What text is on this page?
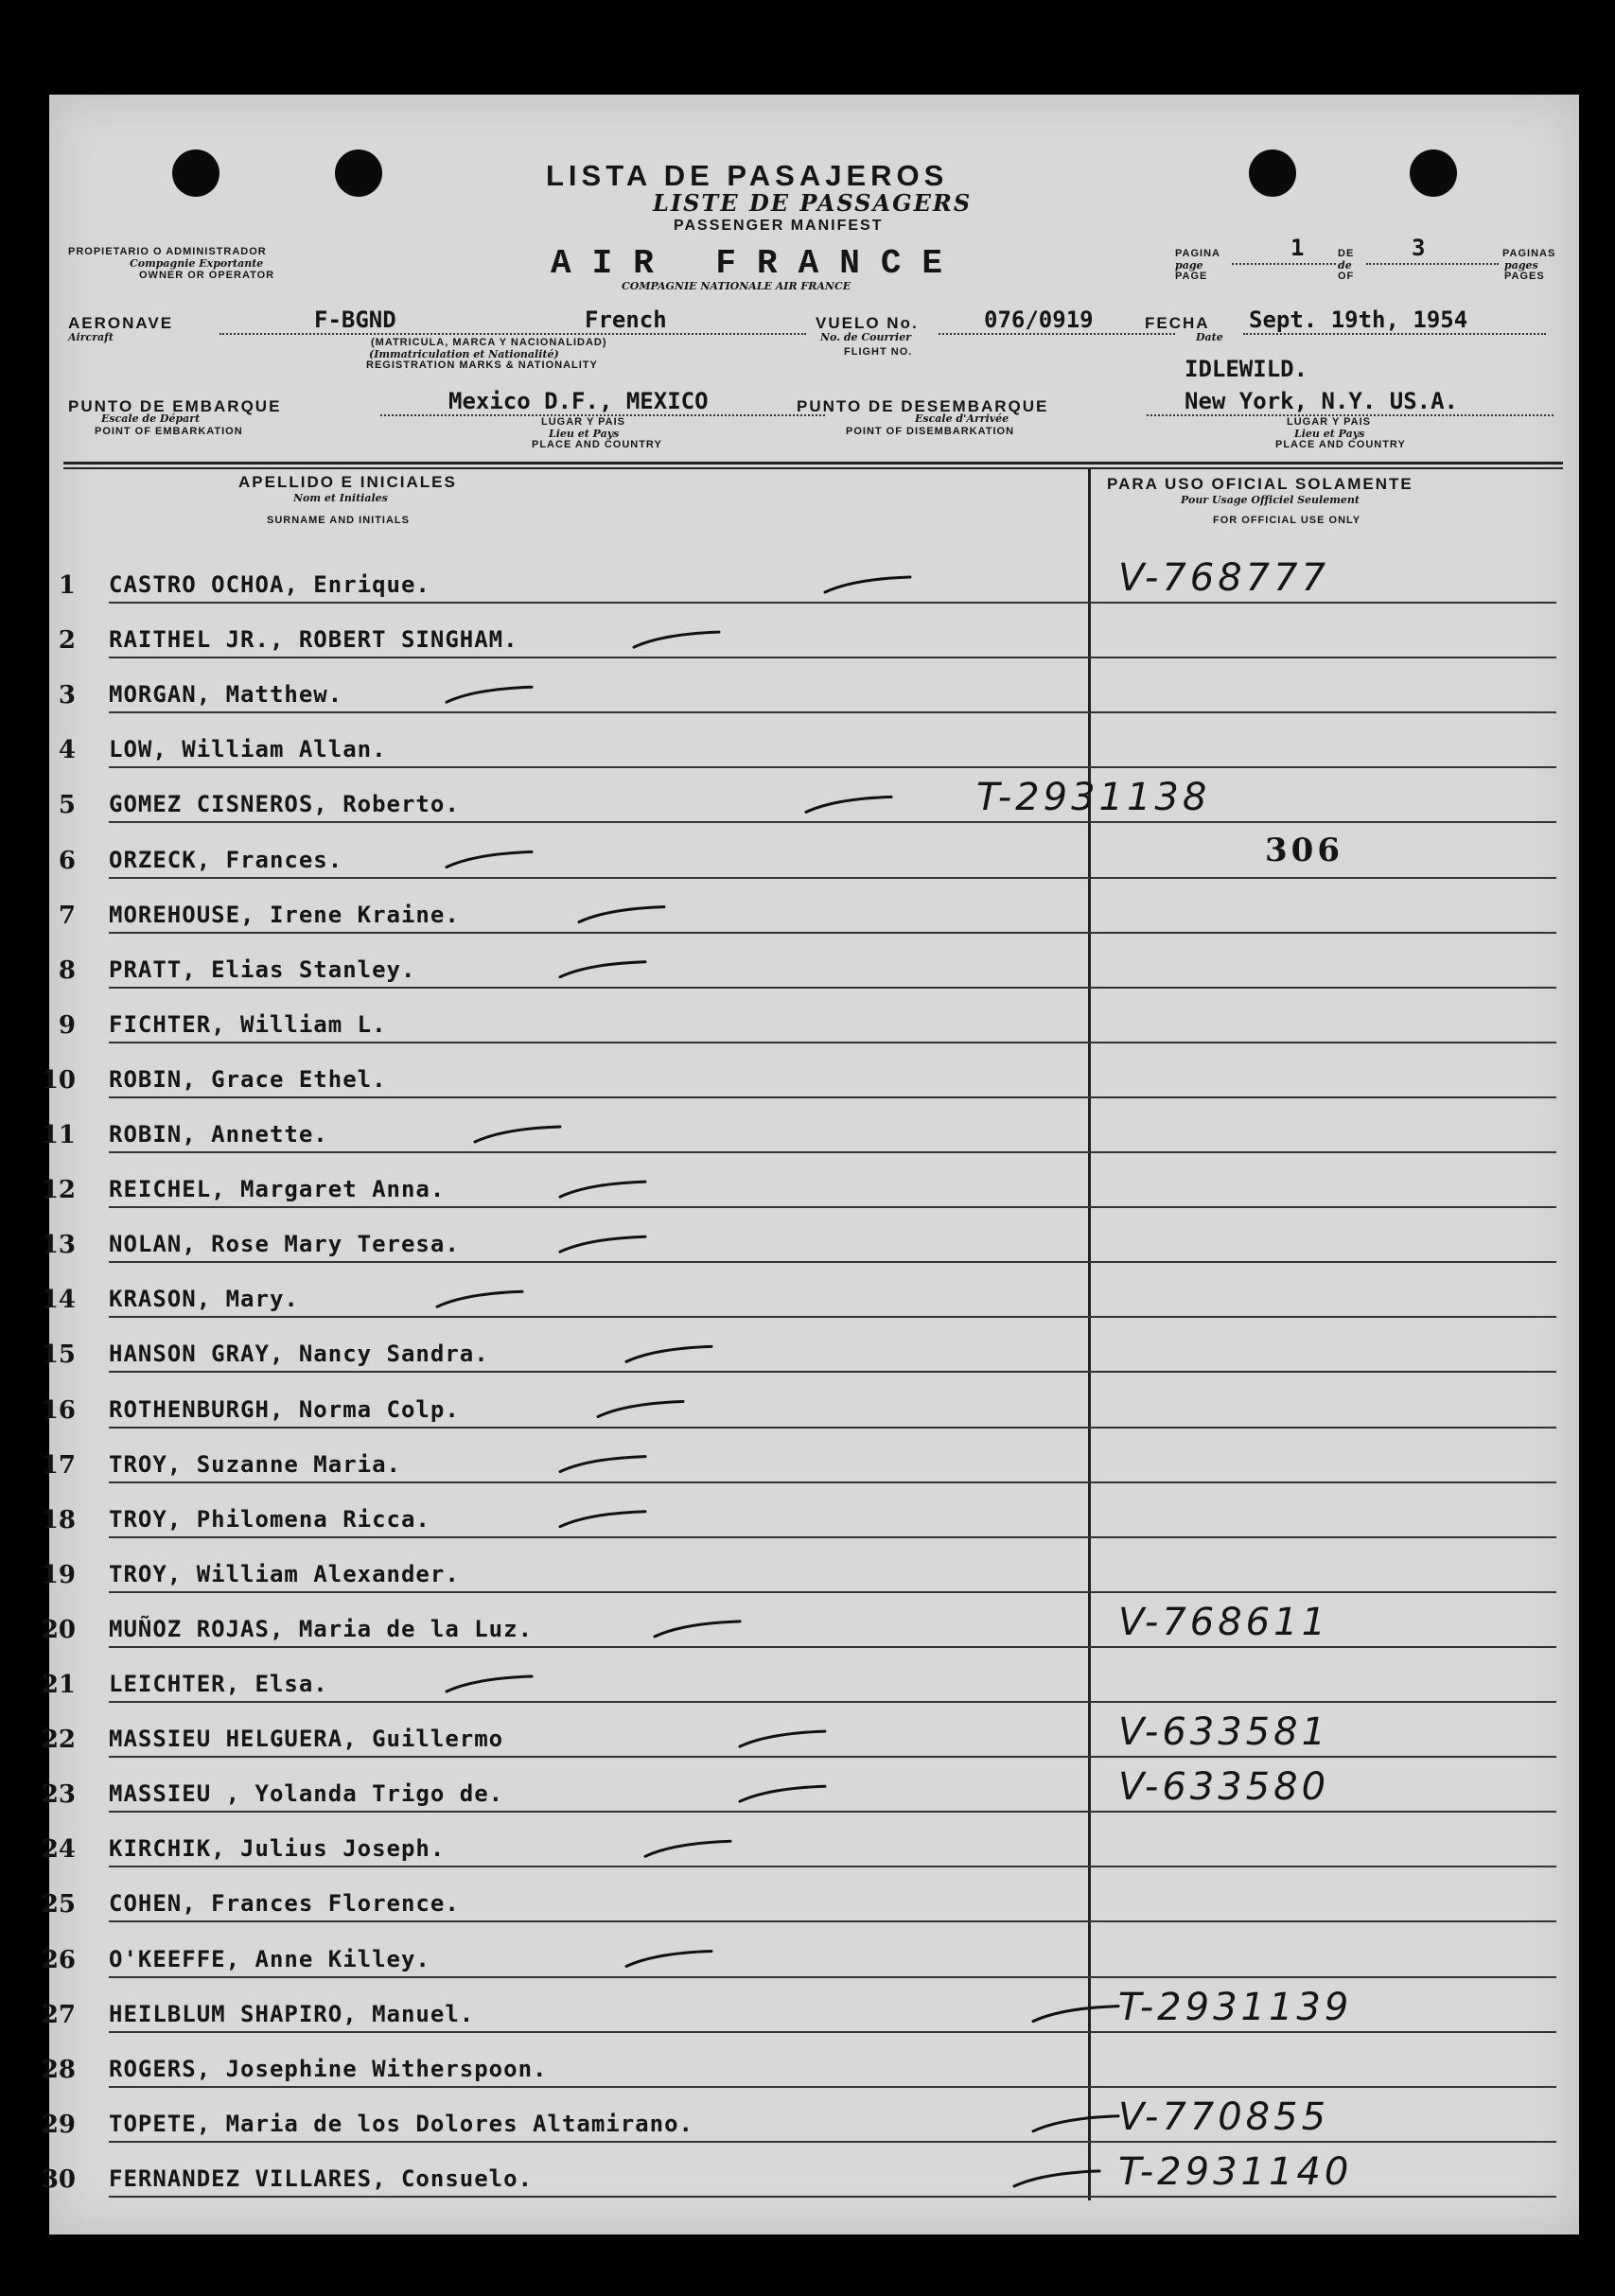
LISTA DE PASAJEROS
LISTE DE PASSAGERS
PASSENGER MANIFEST
AIR FRANCE
COMPAGNIE NATIONALE AIR FRANCE
PROPIETARIO O ADMINISTRADOR
Compagnie Exportante
OWNER OR OPERATOR
PAGINA
page
PAGE
1	DE
de
OF
3	PAGINAS
pages
PAGES
AERONAVE
Aircraft
F-BGND	French
(MATRICULA, MARCA Y NACIONALIDAD)
(Immatriculation et Nationalité)
REGISTRATION MARKS & NATIONALITY
VUELO No.
No. de Courrier
FLIGHT NO.
076/0919	FECHA
Date
Sept. 19th, 1954
PUNTO DE EMBARQUE
Escale de Départ
POINT OF EMBARKATION
Mexico D.F., MEXICO
LUGAR Y PAIS
Lieu et Pays
PLACE AND COUNTRY
PUNTO DE DESEMBARQUE
Escale d'Arrivée
POINT OF DISEMBARKATION
IDLEWILD.
New York, N.Y. US.A.
LUGAR Y PAIS
Lieu et Pays
PLACE AND COUNTRY
APELLIDO E INICIALES
Nom et Initiales
SURNAME AND INITIALS
PARA USO OFICIAL SOLAMENTE
Pour Usage Officiel Seulement
FOR OFFICIAL USE ONLY
1 CASTRO OCHOA, Enrique.	V-768777
2 RAITHEL JR., ROBERT SINGHAM.
3 MORGAN, Matthew.
4 LOW, William Allan.
5 GOMEZ CISNEROS, Roberto.	T-2931138
6 ORZECK, Frances.	306
7 MOREHOUSE, Irene Kraine.
8 PRATT, Elias Stanley.
9 FICHTER, William L.
10 ROBIN, Grace Ethel.
11 ROBIN, Annette.
12 REICHEL, Margaret Anna.
13 NOLAN, Rose Mary Teresa.
14 KRASON, Mary.
15 HANSON GRAY, Nancy Sandra.
16 ROTHENBURGH, Norma Colp.
17 TROY, Suzanne Maria.
18 TROY, Philomena Ricca.
19 TROY, William Alexander.
20 MUÑOZ ROJAS, Maria de la Luz.	V-768611
21 LEICHTER, Elsa.
22 MASSIEU HELGUERA, Guillermo	V-633581
23 MASSIEU , Yolanda Trigo de.	V-633580
24 KIRCHIK, Julius Joseph.
25 COHEN, Frances Florence.
26 O'KEEFFE, Anne Killey.
27 HEILBLUM SHAPIRO, Manuel.	T-2931139
28 ROGERS, Josephine Witherspoon.
29 TOPETE, Maria de los Dolores Altamirano.	V-770855
30 FERNANDEZ VILLARES, Consuelo.	T-2931140
